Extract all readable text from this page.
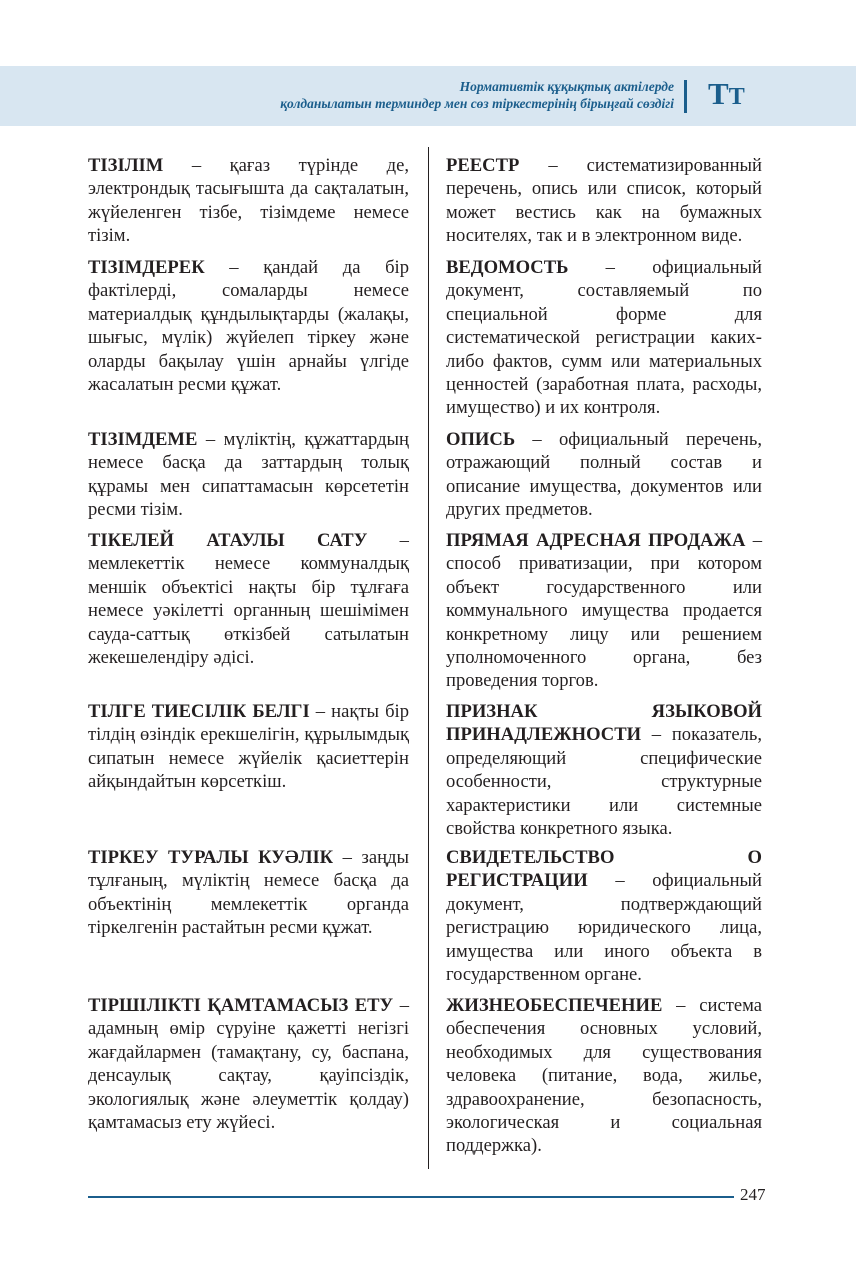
Нормативтік құқықтық актілерде
қолданылатын терминдер мен сөз тіркестерінің бірыңғай сөздігі ТТ
ТІЗІЛІМ – қағаз түрінде де, электрондық тасығышта да сақталатын, жүйеленген тізбе, тізімдеме немесе тізім.
РЕЕСТР – систематизированный перечень, опись или список, который может вестись как на бумажных носителях, так и в электронном виде.
ТІЗІМДЕРЕК – қандай да бір фактілерді, сомаларды немесе материалдық құндылықтарды (жалақы, шығыс, мүлік) жүйелеп тіркеу және оларды бақылау үшін арнайы үлгіде жасалатын ресми құжат.
ВЕДОМОСТЬ – официальный документ, составляемый по специальной форме для систематической регистрации каких-либо фактов, сумм или материальных ценностей (заработная плата, расходы, имущество) и их контроля.
ТІЗІМДЕМЕ – мүліктің, құжаттардың немесе басқа да заттардың толық құрамы мен сипаттамасын көрсететін ресми тізім.
ОПИСЬ – официальный перечень, отражающий полный состав и описание имущества, документов или других предметов.
ТІКЕЛЕЙ АТАУЛЫ САТУ – мемлекеттік немесе коммуналдық меншік объектісі нақты бір тұлғаға немесе уәкілетті органның шешімімен сауда-саттық өткізбей сатылатын жекешелендіру әдісі.
ПРЯМАЯ АДРЕСНАЯ ПРОДАЖА – способ приватизации, при котором объект государственного или коммунального имущества продается конкретному лицу или решением уполномоченного органа, без проведения торгов.
ТІЛГЕ ТИЕСІЛІК БЕЛГІ – нақты бір тілдің өзіндік ерекшелігін, құрылымдық сипатын немесе жүйелік қасиеттерін айқындайтын көрсеткіш.
ПРИЗНАК ЯЗЫКОВОЙ ПРИНАДЛЕЖНОСТИ – показатель, определяющий специфические особенности, структурные характеристики или системные свойства конкретного языка.
ТІРКЕУ ТУРАЛЫ КУӘЛІК – заңды тұлғаның, мүліктің немесе басқа да объектінің мемлекеттік органда тіркелгенін растайтын ресми құжат.
СВИДЕТЕЛЬСТВО О РЕГИСТРАЦИИ – официальный документ, подтверждающий регистрацию юридического лица, имущества или иного объекта в государственном органе.
ТІРШІЛІКТІ ҚАМТАМАСЫЗ ЕТУ – адамның өмір сүруіне қажетті негізгі жағдайлармен (тамақтану, су, баспана, денсаулық сақтау, қауіпсіздік, экологиялық және әлеуметтік қолдау) қамтамасыз ету жүйесі.
ЖИЗНЕОБЕСПЕЧЕНИЕ – система обеспечения основных условий, необходимых для существования человека (питание, вода, жилье, здравоохранение, безопасность, экологическая и социальная поддержка).
247
